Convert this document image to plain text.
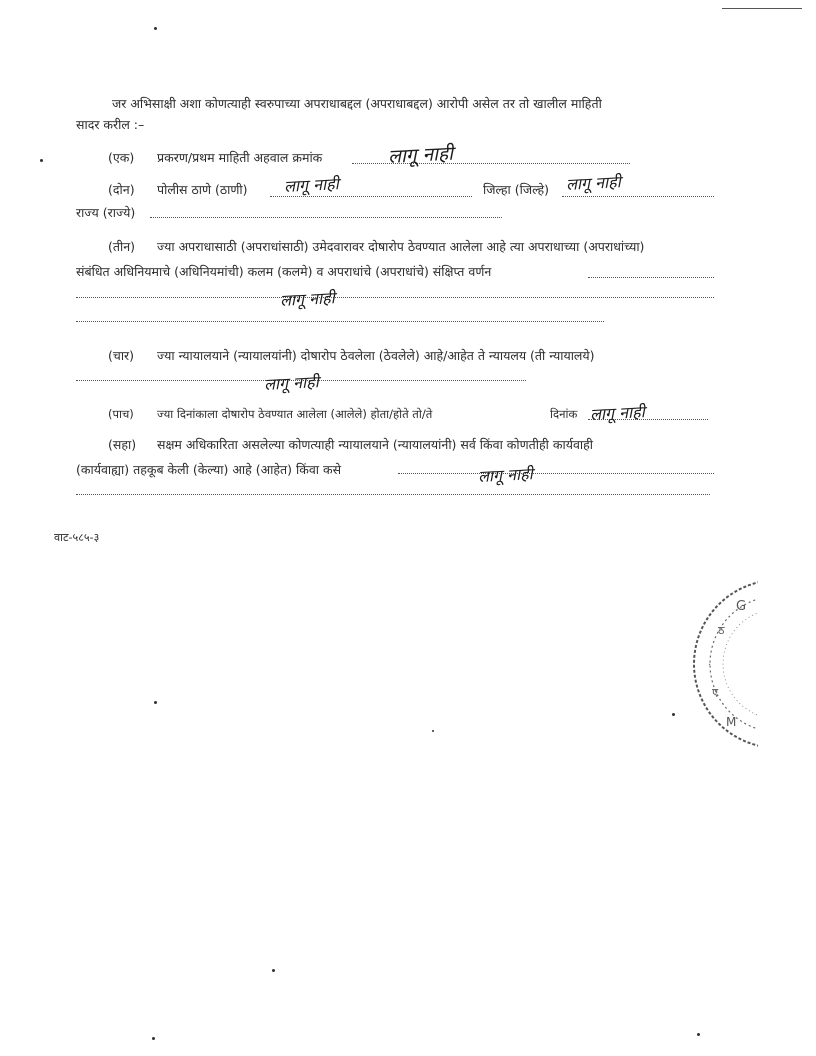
जर अभिसाक्षी अशा कोणत्याही स्वरुपाच्या अपराधाबद्दल (अपराधाबद्दल) आरोपी असेल तर तो खालील माहिती
सादर करील :–
(एक) प्रकरण/प्रथम माहिती अहवाल क्रमांक	लागू नाही
(दोन) पोलीस ठाणे (ठाणी) लागू नाही	जिल्हा (जिल्हे) लागू नाही
राज्य (राज्ये)
(तीन) ज्या अपराधासाठी (अपराधांसाठी) उमेदवारावर दोषारोप ठेवण्यात आलेला आहे त्या अपराधाच्या (अपराधांच्या)
संबंधित अधिनियमाचे (अधिनियमांची) कलम (कलमे) व अपराधांचे (अपराधांचे) संक्षिप्त वर्णन
लागू नाही
(चार) ज्या न्यायालयाने (न्यायालयांनी) दोषारोप ठेवलेला (ठेवलेले) आहे/आहेत ते न्यायलय (ती न्यायालये)
लागू नाही
(पाच) ज्या दिनांकाला दोषारोप ठेवण्यात आलेला (आलेले) होता/होते तो/ते	दिनांक लागू नाही
(सहा) सक्षम अधिकारिता असलेल्या कोणत्याही न्यायालयाने (न्यायालयांनी) सर्व किंवा कोणतीही कार्यवाही
(कार्यवाह्या) तहकूब केली (केल्या) आहे (आहेत) किंवा कसे	लागू नाही
वाट-५८५-३
G
ठ
·
ए
M
